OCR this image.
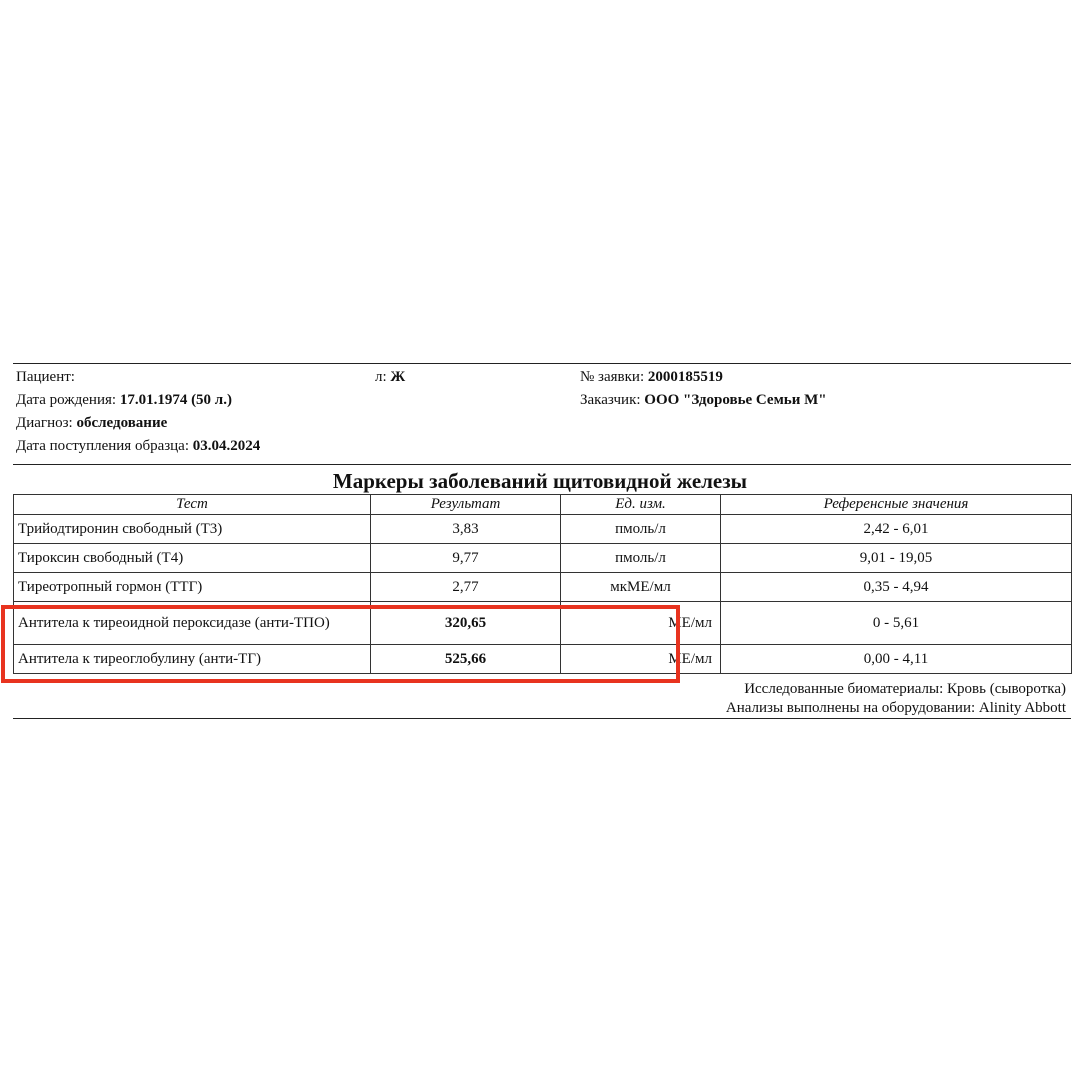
Пациент:	л: Ж
Дата рождения: 17.01.1974 (50 л.)
Диагноз: обследование
Дата поступления образца: 03.04.2024
№ заявки: 2000185519
Заказчик: ООО "Здоровье Семьи М"
Маркеры заболеваний щитовидной железы
Тест	Результат	Ед. изм.	Референсные значения
Трийодтиронин свободный (Т3)	3,83	пмоль/л	2,42 - 6,01
Тироксин свободный (Т4)	9,77	пмоль/л	9,01 - 19,05
Тиреотропный гормон (ТТГ)	2,77	мкМЕ/мл	0,35 - 4,94
Антитела к тиреоидной пероксидазе (анти-ТПО)	320,65	МЕ/мл	0 - 5,61
Антитела к тиреоглобулину (анти-ТГ)	525,66	МЕ/мл	0,00 - 4,11
Исследованные биоматериалы: Кровь (сыворотка)
Анализы выполнены на оборудовании: Alinity Abbott
